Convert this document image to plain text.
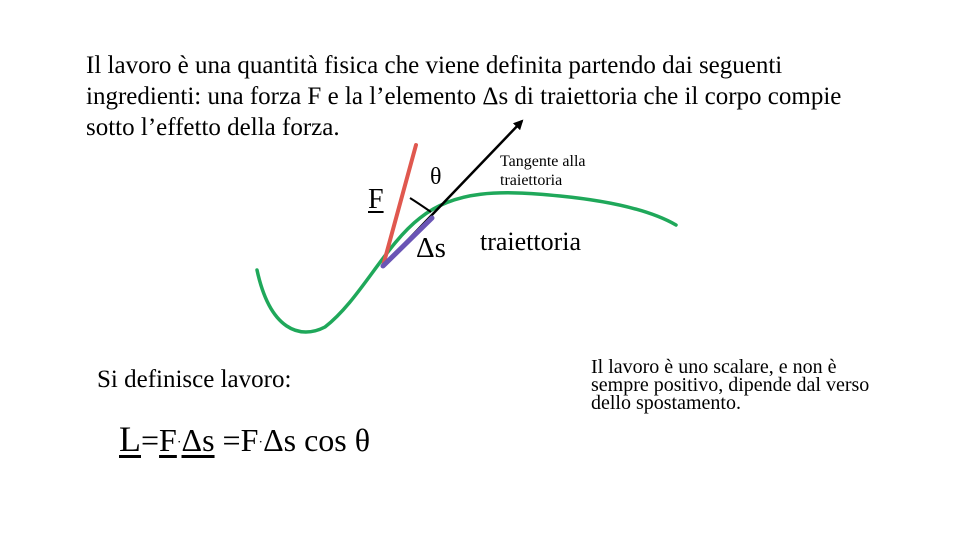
Il lavoro è una quantità fisica che viene definita partendo dai seguenti ingredienti: una forza F e la l’elemento Δs di traiettoria che il corpo compie sotto l’effetto della forza.

F

θ

Δs

Tangente alla traiettoria

traiettoria

Si definisce lavoro:

L=F·Δs =F·Δs cos θ

Il lavoro è uno scalare, e non è sempre positivo, dipende dal verso dello spostamento.
